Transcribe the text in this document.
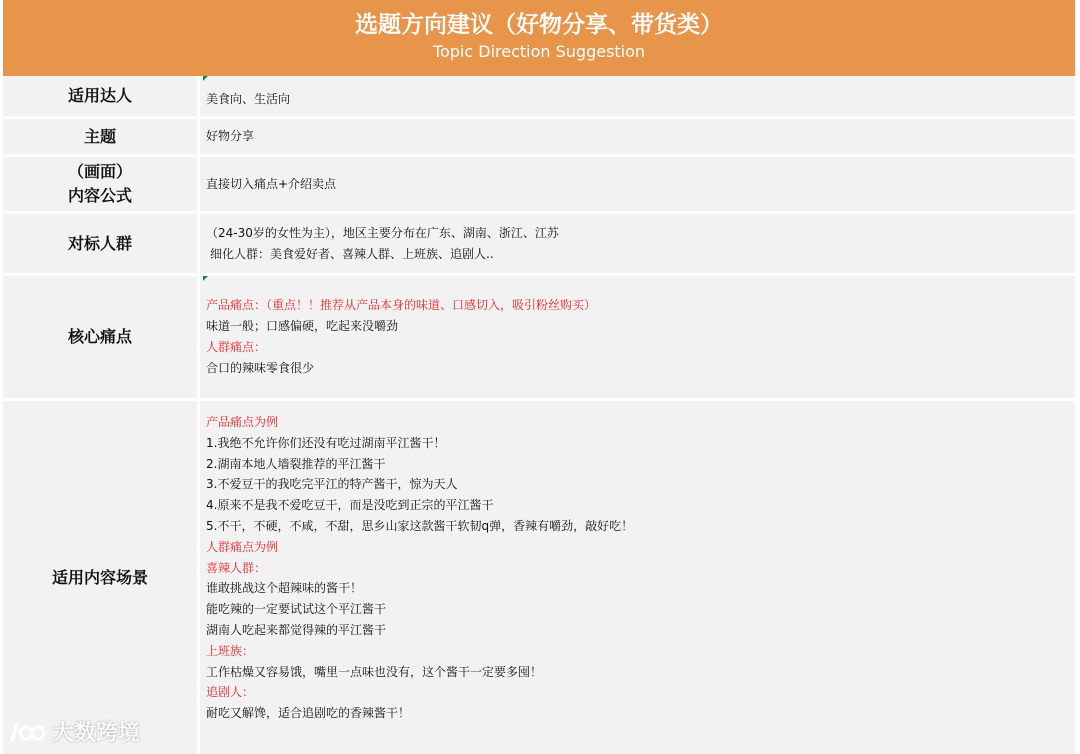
选题方向建议（好物分享、带货类）
Topic Direction Suggestion
适用达人	美食向、生活向
主题	好物分享
（画面）
内容公式
直接切入痛点+介绍卖点
对标人群
（24-30岁的女性为主），地区主要分布在广东、湖南、浙江、江苏
细化人群：美食爱好者、喜辣人群、上班族、追剧人..
核心痛点
产品痛点：（重点！！推荐从产品本身的味道、口感切入，吸引粉丝购买）
味道一般；口感偏硬，吃起来没嚼劲
人群痛点：
合口的辣味零食很少
适用内容场景
产品痛点为例
1.我绝不允许你们还没有吃过湖南平江酱干！
2.湖南本地人墙裂推荐的平江酱干
3.不爱豆干的我吃完平江的特产酱干，惊为天人
4.原来不是我不爱吃豆干，而是没吃到正宗的平江酱干
5.不干，不硬，不咸，不甜，思乡山家这款酱干软韧q弹，香辣有嚼劲，敲好吃！
人群痛点为例
喜辣人群：
谁敢挑战这个超辣味的酱干！
能吃辣的一定要试试这个平江酱干
湖南人吃起来都觉得辣的平江酱干
上班族：
工作枯燥又容易饿，嘴里一点味也没有，这个酱干一定要多囤！
追剧人：
耐吃又解馋，适合追剧吃的香辣酱干！
大数跨境
